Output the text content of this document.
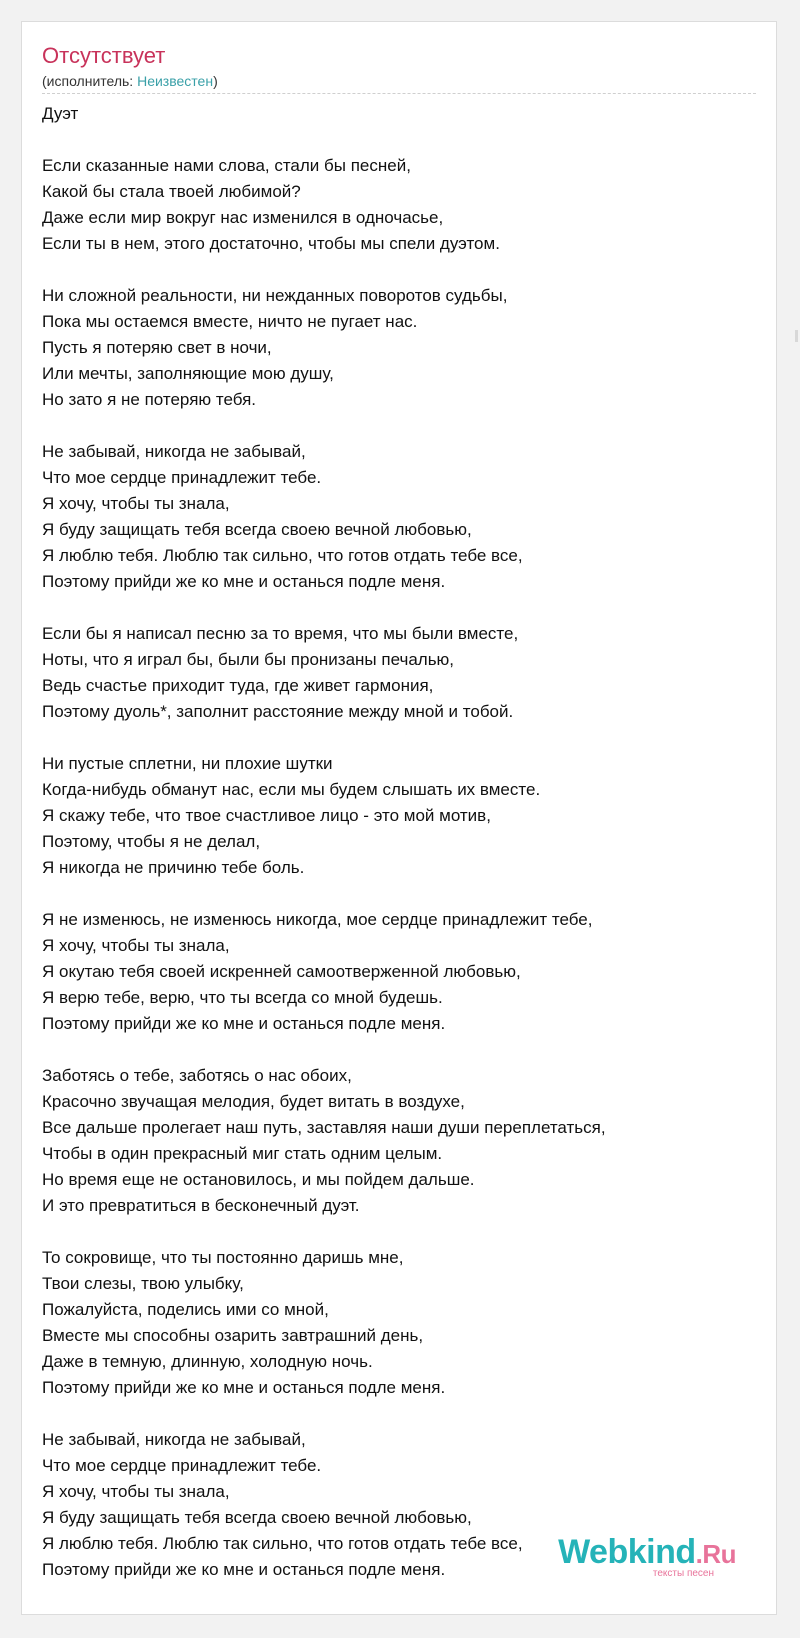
Отсутствует
(исполнитель: Неизвестен)
Дуэт
Если сказанные нами слова, стали бы песней,
Какой бы стала твоей любимой?
Даже если мир вокруг нас изменился в одночасье,
Если ты в нем, этого достаточно, чтобы мы спели дуэтом.
Ни сложной реальности, ни нежданных поворотов судьбы,
Пока мы остаемся вместе, ничто не пугает нас.
Пусть я потеряю свет в ночи,
Или мечты, заполняющие мою душу,
Но зато я не потеряю тебя.
Не забывай, никогда не забывай,
Что мое сердце принадлежит тебе.
Я хочу, чтобы ты знала,
Я буду защищать тебя всегда своею вечной любовью,
Я люблю тебя. Люблю так сильно, что готов отдать тебе все,
Поэтому прийди же ко мне и останься подле меня.
Если бы я написал песню за то время, что мы были вместе,
Ноты, что я играл бы, были бы пронизаны печалью,
Ведь счастье приходит туда, где живет гармония,
Поэтому дуоль*, заполнит расстояние между мной и тобой.
Ни пустые сплетни, ни плохие шутки
Когда-нибудь обманут нас, если мы будем слышать их вместе.
Я скажу тебе, что твое счастливое лицо - это мой мотив,
Поэтому, чтобы я не делал,
Я никогда не причиню тебе боль.
Я не изменюсь, не изменюсь никогда, мое сердце принадлежит тебе,
Я хочу, чтобы ты знала,
Я окутаю тебя своей искренней самоотверженной любовью,
Я верю тебе, верю, что ты всегда со мной будешь.
Поэтому прийди же ко мне и останься подле меня.
Заботясь о тебе, заботясь о нас обоих,
Красочно звучащая мелодия, будет витать в воздухе,
Все дальше пролегает наш путь, заставляя наши души переплетаться,
Чтобы в один прекрасный миг стать одним целым.
Но время еще не остановилось, и мы пойдем дальше.
И это превратиться в бесконечный дуэт.
То сокровище, что ты постоянно даришь мне,
Твои слезы, твою улыбку,
Пожалуйста, поделись ими со мной,
Вместе мы способны озарить завтрашний день,
Даже в темную, длинную, холодную ночь.
Поэтому прийди же ко мне и останься подле меня.
Не забывай, никогда не забывай,
Что мое сердце принадлежит тебе.
Я хочу, чтобы ты знала,
Я буду защищать тебя всегда своею вечной любовью,
Я люблю тебя. Люблю так сильно, что готов отдать тебе все,
Поэтому прийди же ко мне и останься подле меня.	Webkind.Ru
тексты песен
